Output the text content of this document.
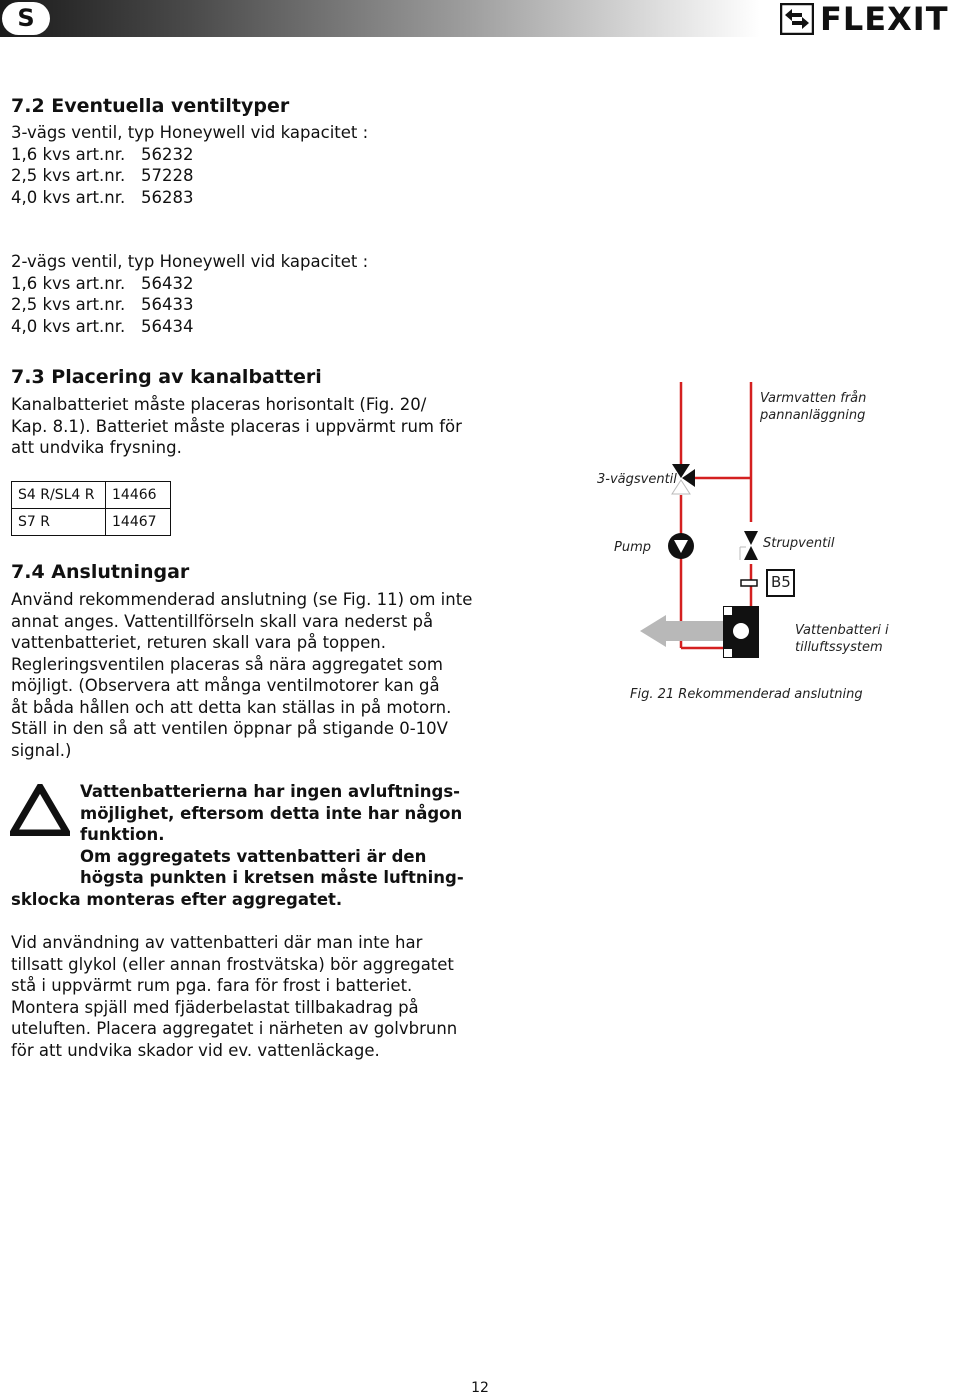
S	FLEXIT
7.2 Eventuella ventiltyper
3-vägs ventil, typ Honeywell vid kapacitet :
1,6 kvs art.nr. 56232
2,5 kvs art.nr. 57228
4,0 kvs art.nr. 56283
2-vägs ventil, typ Honeywell vid kapacitet :
1,6 kvs art.nr. 56432
2,5 kvs art.nr. 56433
4,0 kvs art.nr. 56434
7.3 Placering av kanalbatteri
Kanalbatteriet måste placeras horisontalt (Fig. 20/
Kap. 8.1). Batteriet måste placeras i uppvärmt rum för
att undvika frysning.
S4 R/SL4 R	14466
S7 R	14467
7.4 Anslutningar
Använd rekommenderad anslutning (se Fig. 11) om inte
annat anges. Vattentillförseln skall vara nederst på
vattenbatteriet, returen skall vara på toppen.
Regleringsventilen placeras så nära aggregatet som
möjligt. (Observera att många ventilmotorer kan gå
åt båda hållen och att detta kan ställas in på motorn.
Ställ in den så att ventilen öppnar på stigande 0-10V
signal.)
Vattenbatterierna har ingen avluftnings-
möjlighet, eftersom detta inte har någon
funktion.
Om aggregatets vattenbatteri är den
högsta punkten i kretsen måste luftning-
sklocka monteras efter aggregatet.
Vid användning av vattenbatteri där man inte har
tillsatt glykol (eller annan frostvätska) bör aggregatet
stå i uppvärmt rum pga. fara för frost i batteriet.
Montera spjäll med fjäderbelastat tillbakadrag på
uteluften. Placera aggregatet i närheten av golvbrunn
för att undvika skador vid ev. vattenläckage.
Varmvatten från
pannanläggning
3-vägsventil
Pump	Strupventil
B5
Vattenbatteri i
tilluftssystem
Fig. 21 Rekommenderad anslutning
12
